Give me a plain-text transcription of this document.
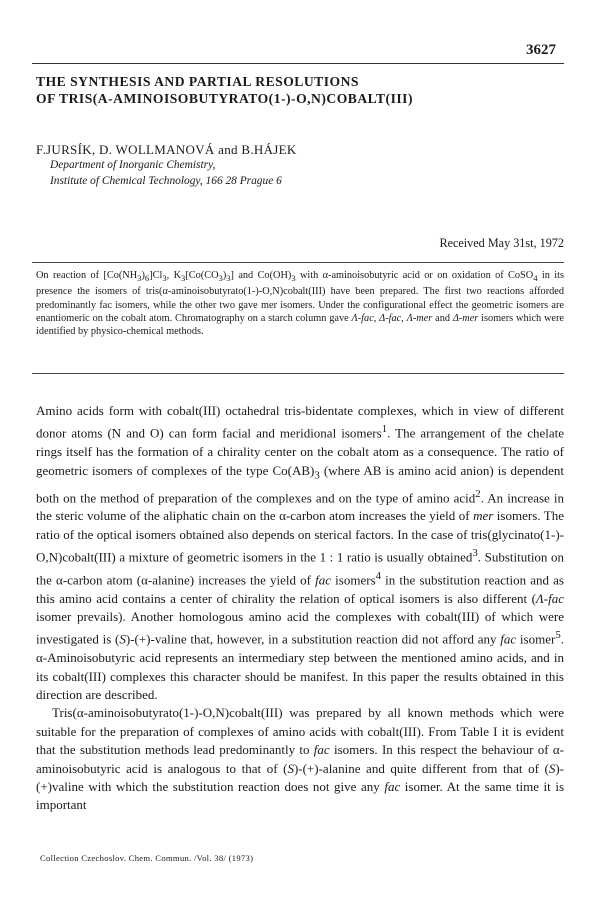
3627
THE SYNTHESIS AND PARTIAL RESOLUTIONS
OF TRIS(Α-AMINOISOBUTYRATO(1-)-O,N)COBALT(III)
F.JURSÍK, D. WOLLMANOVÁ and B.HÁJEK
Department of Inorganic Chemistry,
Institute of Chemical Technology, 166 28 Prague 6
Received May 31st, 1972
On reaction of $[Co(NH_3)_6]Cl_3$, $K_3[Co(CO_3)_3]$ and $Co(OH)_3$ with α-aminoisobutyric acid or on oxidation of CoSO$_4$ in its presence the isomers of tris(α-aminoisobutyrato(1-)-O,N)cobalt(III) have been prepared. The first two reactions afforded predominantly fac isomers, while the other two gave mer isomers. Under the configurational effect the geometric isomers are enantiomeric on the cobalt atom. Chromatography on a starch column gave Λ-fac, Δ-fac, Λ-mer and Δ-mer isomers which were identified by physico-chemical methods.

Amino acids form with cobalt(III) octahedral tris-bidentate complexes, which in view of different donor atoms (N and O) can form facial and meridional isomers$^1$. The arrangement of the chelate rings itself has the formation of a chirality center on the cobalt atom as a consequence. The ratio of geometric isomers of complexes of the type $Co(AB)_3$ (where AB is amino acid anion) is dependent both on the method of preparation of the complexes and on the type of amino acid$^2$. An increase in the steric volume of the aliphatic chain on the α-carbon atom increases the yield of mer isomers. The ratio of the optical isomers obtained also depends on sterical factors. In the case of tris(glycinato(1-)-O,N)cobalt(III) a mixture of geometric isomers in the 1 : 1 ratio is usually obtained$^3$. Substitution on the α-carbon atom (α-alanine) increases the yield of fac isomers$^4$ in the substitution reaction and as this amino acid contains a center of chirality the relation of optical isomers is also different (Λ-fac isomer prevails). Another homologous amino acid the complexes with cobalt(III) of which were investigated is (S)-(+)-valine that, however, in a substitution reaction did not afford any fac isomer$^5$. α-Aminoisobutyric acid represents an intermediary step between the mentioned amino acids, and in its cobalt(III) complexes this character should be manifest. In this paper the results obtained in this direction are described.

Tris(α-aminoisobutyrato(1-)-O,N)cobalt(III) was prepared by all known methods which were suitable for the preparation of complexes of amino acids with cobalt(III). From Table I it is evident that the substitution methods lead predominantly to fac isomers. In this respect the behaviour of α-aminoisobutyric acid is analogous to that of (S)-(+)-alanine and quite different from that of (S)-(+)valine with which the substitution reaction does not give any fac isomer. At the same time it is important

Collection Czechoslov. Chem. Commun. /Vol. 38/ (1973)
